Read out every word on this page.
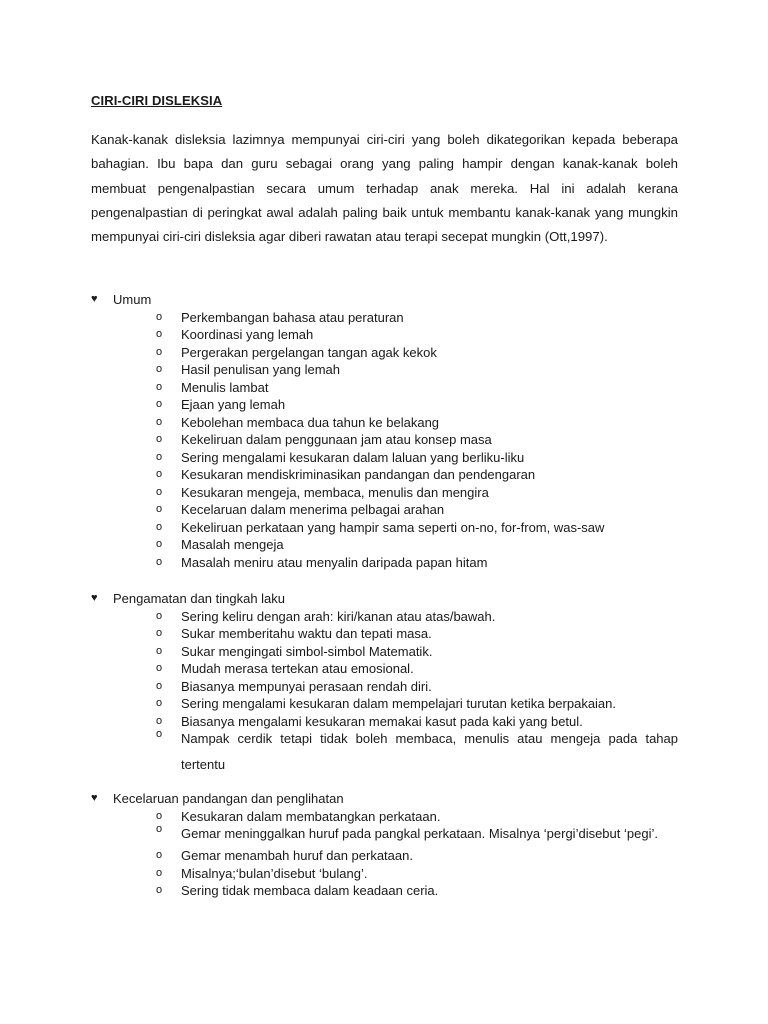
CIRI-CIRI DISLEKSIA

Kanak-kanak disleksia lazimnya mempunyai ciri-ciri yang boleh dikategorikan kepada beberapa bahagian. Ibu bapa dan guru sebagai orang yang paling hampir dengan kanak-kanak boleh membuat pengenalpastian secara umum terhadap anak mereka. Hal ini adalah kerana pengenalpastian di peringkat awal adalah paling baik untuk membantu kanak-kanak yang mungkin mempunyai ciri-ciri disleksia agar diberi rawatan atau terapi secepat mungkin (Ott,1997).

♥ Umum
o Perkembangan bahasa atau peraturan
o Koordinasi yang lemah
o Pergerakan pergelangan tangan agak kekok
o Hasil penulisan yang lemah
o Menulis lambat
o Ejaan yang lemah
o Kebolehan membaca dua tahun ke belakang
o Kekeliruan dalam penggunaan jam atau konsep masa
o Sering mengalami kesukaran dalam laluan yang berliku-liku
o Kesukaran mendiskriminasikan pandangan dan pendengaran
o Kesukaran mengeja, membaca, menulis dan mengira
o Kecelaruan dalam menerima pelbagai arahan
o Kekeliruan perkataan yang hampir sama seperti on-no, for-from, was-saw
o Masalah mengeja
o Masalah meniru atau menyalin daripada papan hitam
♥ Pengamatan dan tingkah laku
o Sering keliru dengan arah: kiri/kanan atau atas/bawah.
o Sukar memberitahu waktu dan tepati masa.
o Sukar mengingati simbol-simbol Matematik.
o Mudah merasa tertekan atau emosional.
o Biasanya mempunyai perasaan rendah diri.
o Sering mengalami kesukaran dalam mempelajari turutan ketika berpakaian.
o Biasanya mengalami kesukaran memakai kasut pada kaki yang betul.
o Nampak cerdik tetapi tidak boleh membaca, menulis atau mengeja pada tahap tertentu
♥ Kecelaruan pandangan dan penglihatan
o Kesukaran dalam membatangkan perkataan.
o Gemar meninggalkan huruf pada pangkal perkataan. Misalnya ‘pergi’disebut ‘pegi’.
o Gemar menambah huruf dan perkataan.
o Misalnya;‘bulan’disebut ‘bulang’.
o Sering tidak membaca dalam keadaan ceria.
